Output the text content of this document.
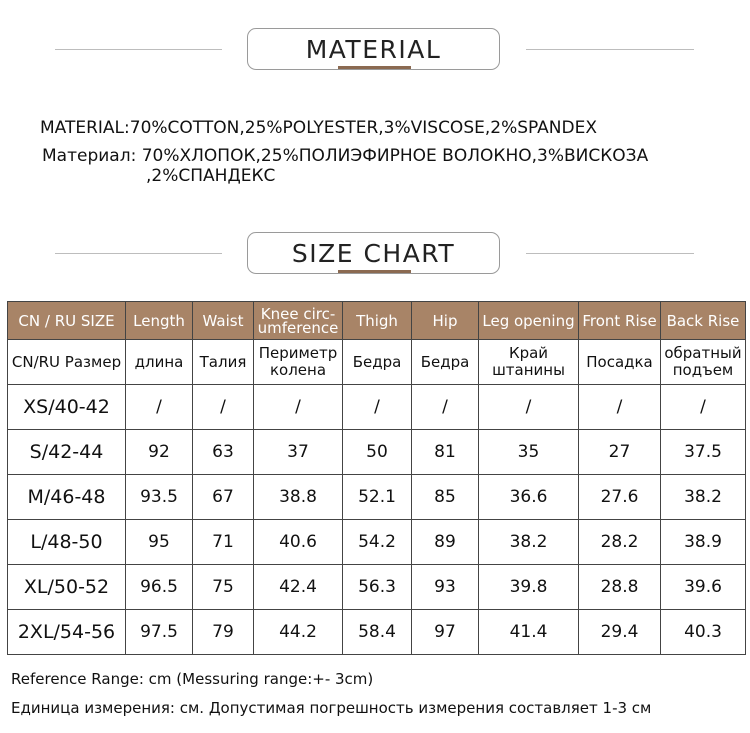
MATERIAL
MATERIAL:70%COTTON,25%POLYESTER,3%VISCOSE,2%SPANDEX
Материал: 70%ХЛОПОК,25%ПОЛИЭФИРНОЕ ВОЛОКНО,3%ВИСКОЗА
,2%СПАНДЕКС
SIZE CHART
CN / RU SIZE	Length	Waist	Knee circ-umference	Thigh	Hip	Leg opening	Front Rise	Back Rise
CN/RU Размер	длина	Талия	Периметр колена	Бедра	Бедра	Край штанины	Посадка	обратный подъем
XS/40-42	/	/	/	/	/	/	/	/
S/42-44	92	63	37	50	81	35	27	37.5
M/46-48	93.5	67	38.8	52.1	85	36.6	27.6	38.2
L/48-50	95	71	40.6	54.2	89	38.2	28.2	38.9
XL/50-52	96.5	75	42.4	56.3	93	39.8	28.8	39.6
2XL/54-56	97.5	79	44.2	58.4	97	41.4	29.4	40.3
Reference Range: cm (Messuring range:+- 3cm)
Единица измерения: см. Допустимая погрешность измерения составляет 1-3 см
